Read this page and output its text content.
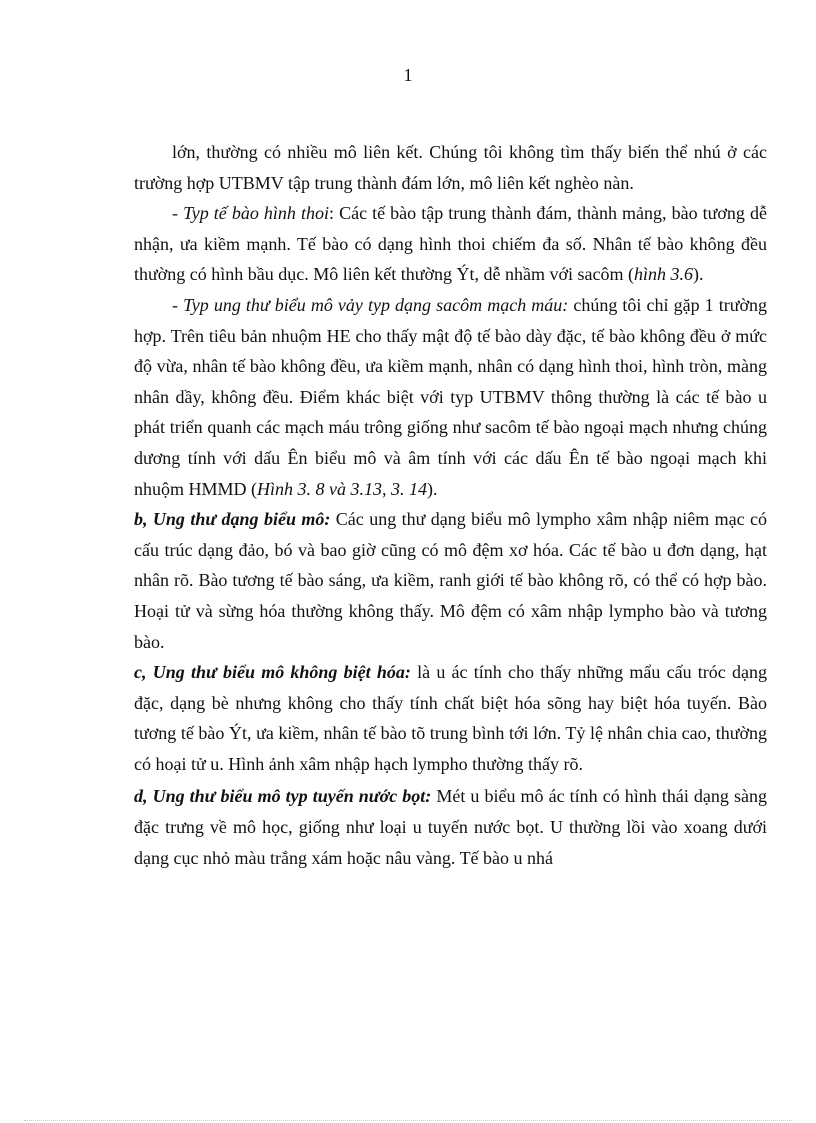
1

lớn, thường có nhiều mô liên kết. Chúng tôi không tìm thấy biến thể nhú ở các trường hợp UTBMV tập trung thành đám lớn, mô liên kết nghèo nàn.

- Typ tế bào hình thoi: Các tế bào tập trung thành đám, thành mảng, bào tương dễ nhận, ưa kiềm mạnh. Tế bào có dạng hình thoi chiếm đa số. Nhân tế bào không đều thường có hình bầu dục. Mô liên kết thường Ýt, dễ nhầm với sacôm (hình 3.6).

- Typ ung thư biểu mô vảy typ dạng sacôm mạch máu: chúng tôi chỉ gặp 1 trường hợp. Trên tiêu bản nhuộm HE cho thấy mật độ tế bào dày đặc, tế bào không đều ở mức độ vừa, nhân tế bào không đều, ưa kiềm mạnh, nhân có dạng hình thoi, hình tròn, màng nhân dầy, không đều. Điểm khác biệt với typ UTBMV thông thường là các tế bào u phát triển quanh các mạch máu trông giống như sacôm tế bào ngoại mạch nhưng chúng dương tính với dấu Ên biểu mô và âm tính với các dấu Ên tế bào ngoại mạch khi nhuộm HMMD (Hình 3. 8 và 3.13, 3. 14).

b, Ung thư dạng biểu mô: Các ung thư dạng biểu mô lympho xâm nhập niêm mạc có cấu trúc dạng đảo, bó và bao giờ cũng có mô đệm xơ hóa. Các tế bào u đơn dạng, hạt nhân rõ. Bào tương tế bào sáng, ưa kiềm, ranh giới tế bào không rõ, có thể có hợp bào. Hoại tử và sừng hóa thường không thấy. Mô đệm có xâm nhập lympho bào và tương bào.

c, Ung thư biểu mô không biệt hóa: là u ác tính cho thấy những mẩu cấu tróc dạng đặc, dạng bè nhưng không cho thấy tính chất biệt hóa sõng hay biệt hóa tuyến. Bào tương tế bào Ýt, ưa kiềm, nhân tế bào tõ trung bình tới lớn. Tỷ lệ nhân chia cao, thường có hoại tử u. Hình ảnh xâm nhập hạch lympho thường thấy rõ.

d, Ung thư biểu mô typ tuyến nước bọt: Mét u biểu mô ác tính có hình thái dạng sàng đặc trưng về mô học, giống như loại u tuyến nước bọt. U thường lồi vào xoang dưới dạng cục nhỏ màu trắng xám hoặc nâu vàng. Tế bào u nhá
